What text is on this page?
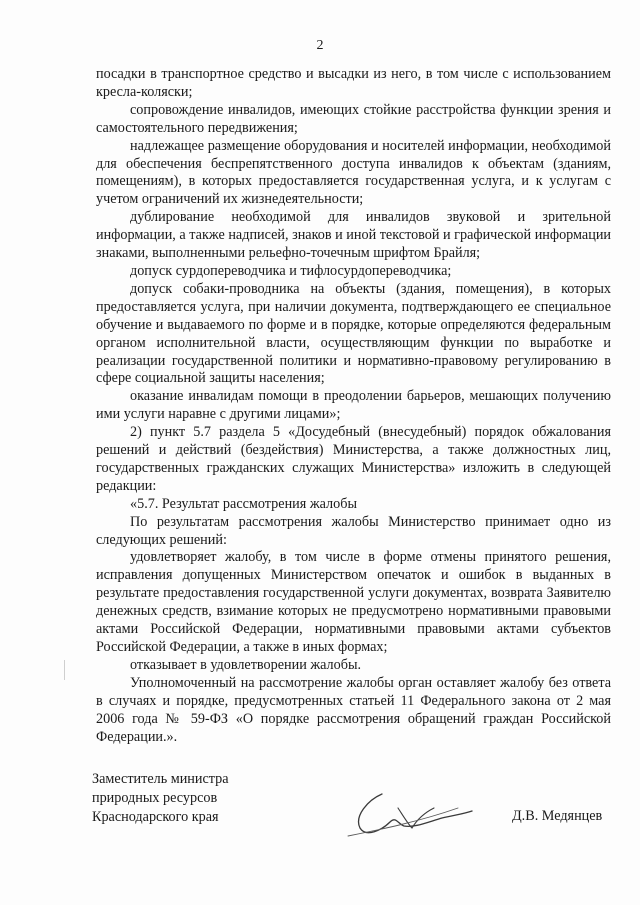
2

посадки в транспортное средство и высадки из него, в том числе с использованием кресла-коляски;

сопровождение инвалидов, имеющих стойкие расстройства функции зрения и самостоятельного передвижения;

надлежащее размещение оборудования и носителей информации, необходимой для обеспечения беспрепятственного доступа инвалидов к объектам (зданиям, помещениям), в которых предоставляется государственная услуга, и к услугам с учетом ограничений их жизнедеятельности;

дублирование необходимой для инвалидов звуковой и зрительной информации, а также надписей, знаков и иной текстовой и графической информации знаками, выполненными рельефно-точечным шрифтом Брайля;

допуск сурдопереводчика и тифлосурдопереводчика;

допуск собаки-проводника на объекты (здания, помещения), в которых предоставляется услуга, при наличии документа, подтверждающего ее специальное обучение и выдаваемого по форме и в порядке, которые определяются федеральным органом исполнительной власти, осуществляющим функции по выработке и реализации государственной политики и нормативно-правовому регулированию в сфере социальной защиты населения;

оказание инвалидам помощи в преодолении барьеров, мешающих получению ими услуги наравне с другими лицами»;

2) пункт 5.7 раздела 5 «Досудебный (внесудебный) порядок обжалования решений и действий (бездействия) Министерства, а также должностных лиц, государственных гражданских служащих Министерства» изложить в следующей редакции:

«5.7. Результат рассмотрения жалобы

По результатам рассмотрения жалобы Министерство принимает одно из следующих решений:

удовлетворяет жалобу, в том числе в форме отмены принятого решения, исправления допущенных Министерством опечаток и ошибок в выданных в результате предоставления государственной услуги документах, возврата Заявителю денежных средств, взимание которых не предусмотрено нормативными правовыми актами Российской Федерации, нормативными правовыми актами субъектов Российской Федерации, а также в иных формах;

отказывает в удовлетворении жалобы.

Уполномоченный на рассмотрение жалобы орган оставляет жалобу без ответа в случаях и порядке, предусмотренных статьей 11 Федерального закона от 2 мая 2006 года № 59-ФЗ «О порядке рассмотрения обращений граждан Российской Федерации.».

Заместитель министра
природных ресурсов
Краснодарского края	Д.В. Медянцев
